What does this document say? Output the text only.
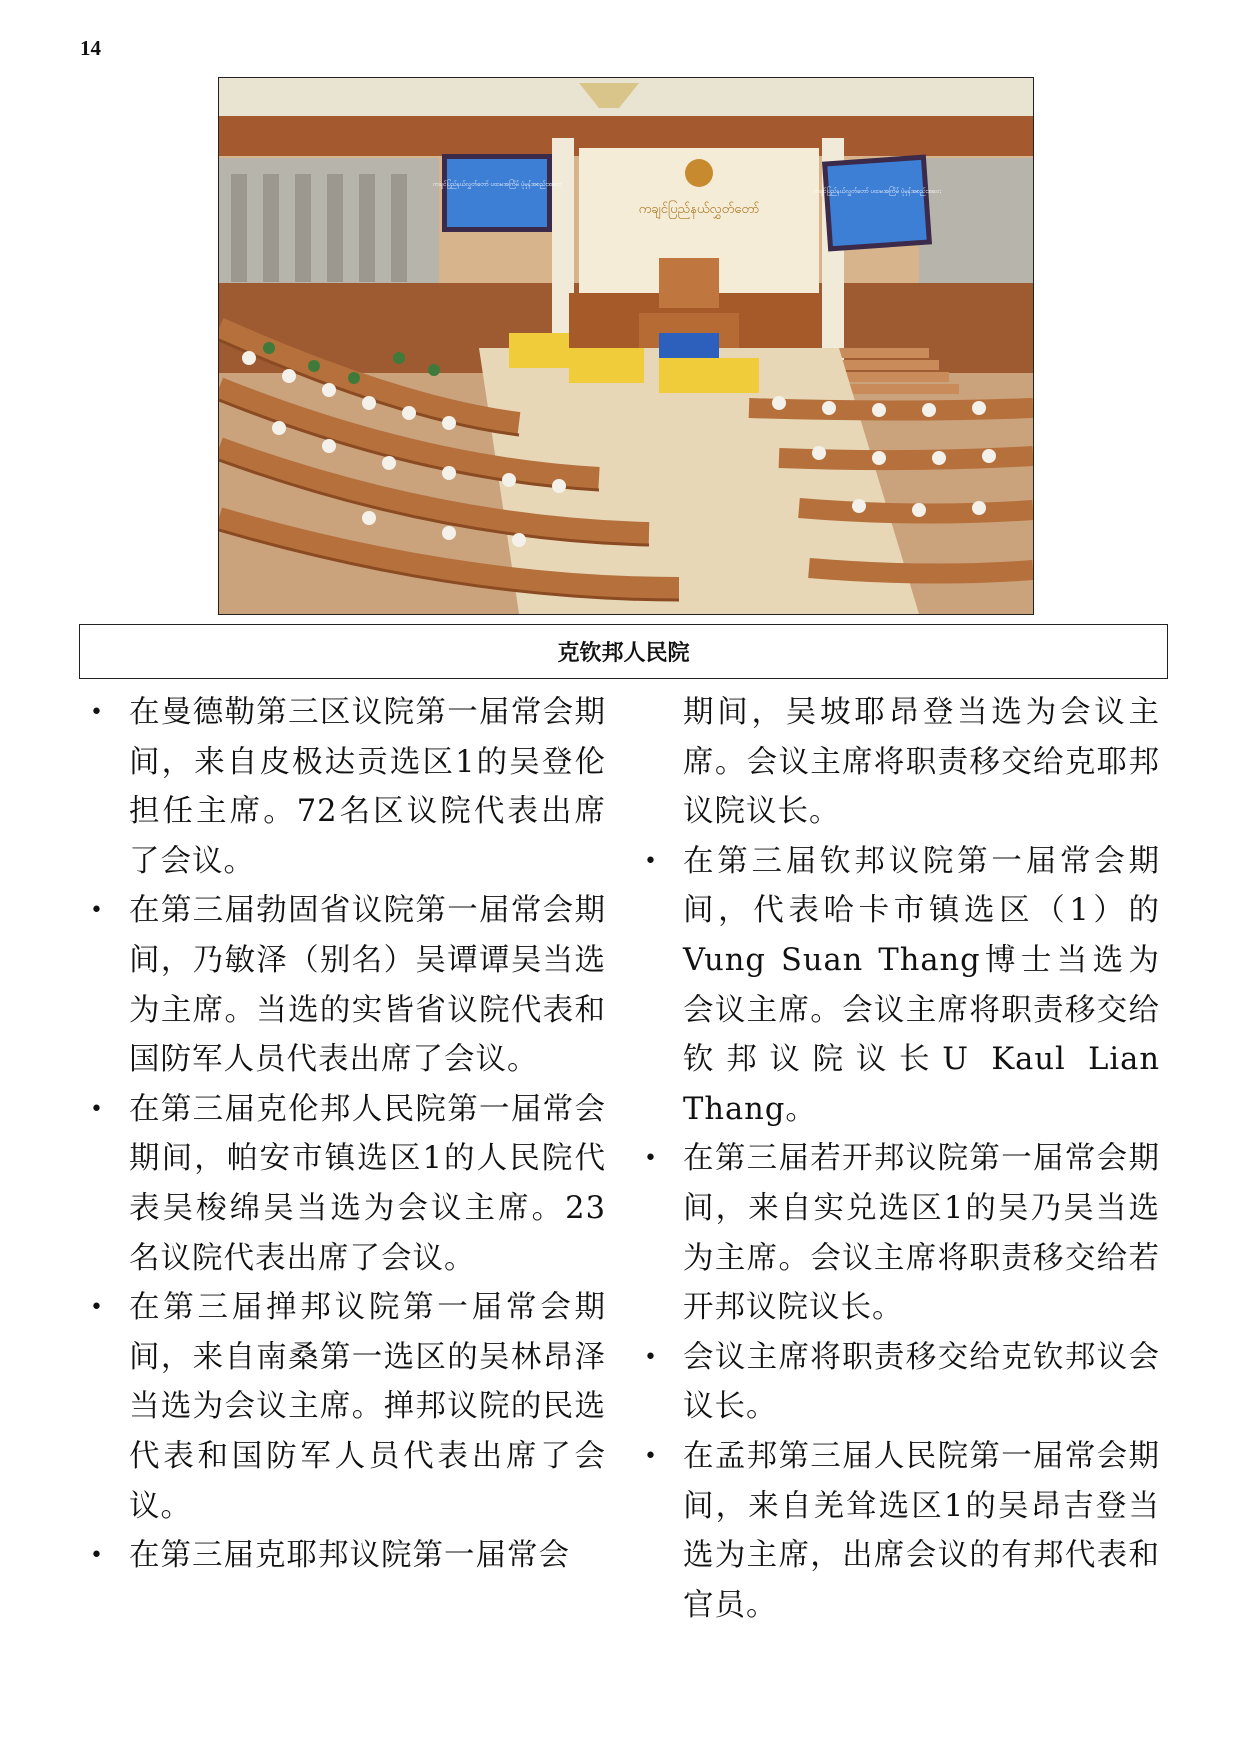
14
ကချင်ပြည်နယ်လွှတ်တော်
ကချင်ပြည်နယ်လွှတ်တော် ပထမအကြိမ် ပုံမှန်အစည်းအဝေး
ကချင်ပြည်နယ်လွှတ်တော် ပထမအကြိမ် ပုံမှန်အစည်းအဝေး
克钦邦人民院
• 在曼德勒第三区议院第一届常会期间，来自皮极达贡选区1的吴登伦担任主席。72名区议院代表出席了会议。
• 在第三届勃固省议院第一届常会期间，乃敏泽（别名）吴谭谭吴当选为主席。当选的实皆省议院代表和国防军人员代表出席了会议。
• 在第三届克伦邦人民院第一届常会期间，帕安市镇选区1的人民院代表吴梭绵吴当选为会议主席。23名议院代表出席了会议。
• 在第三届掸邦议院第一届常会期间，来自南桑第一选区的吴林昂泽当选为会议主席。掸邦议院的民选代表和国防军人员代表出席了会议。
• 在第三届克耶邦议院第一届常会
期间，吴坡耶昂登当选为会议主席。会议主席将职责移交给克耶邦议院议长。
• 在第三届钦邦议院第一届常会期间，代表哈卡市镇选区（1）的Vung Suan Thang博士当选为会议主席。会议主席将职责移交给钦邦议院议长U Kaul Lian Thang。
• 在第三届若开邦议院第一届常会期间，来自实兑选区1的吴乃吴当选为主席。会议主席将职责移交给若开邦议院议长。
• 会议主席将职责移交给克钦邦议会议长。
• 在孟邦第三届人民院第一届常会期间，来自羌耸选区1的吴昂吉登当选为主席，出席会议的有邦代表和官员。
